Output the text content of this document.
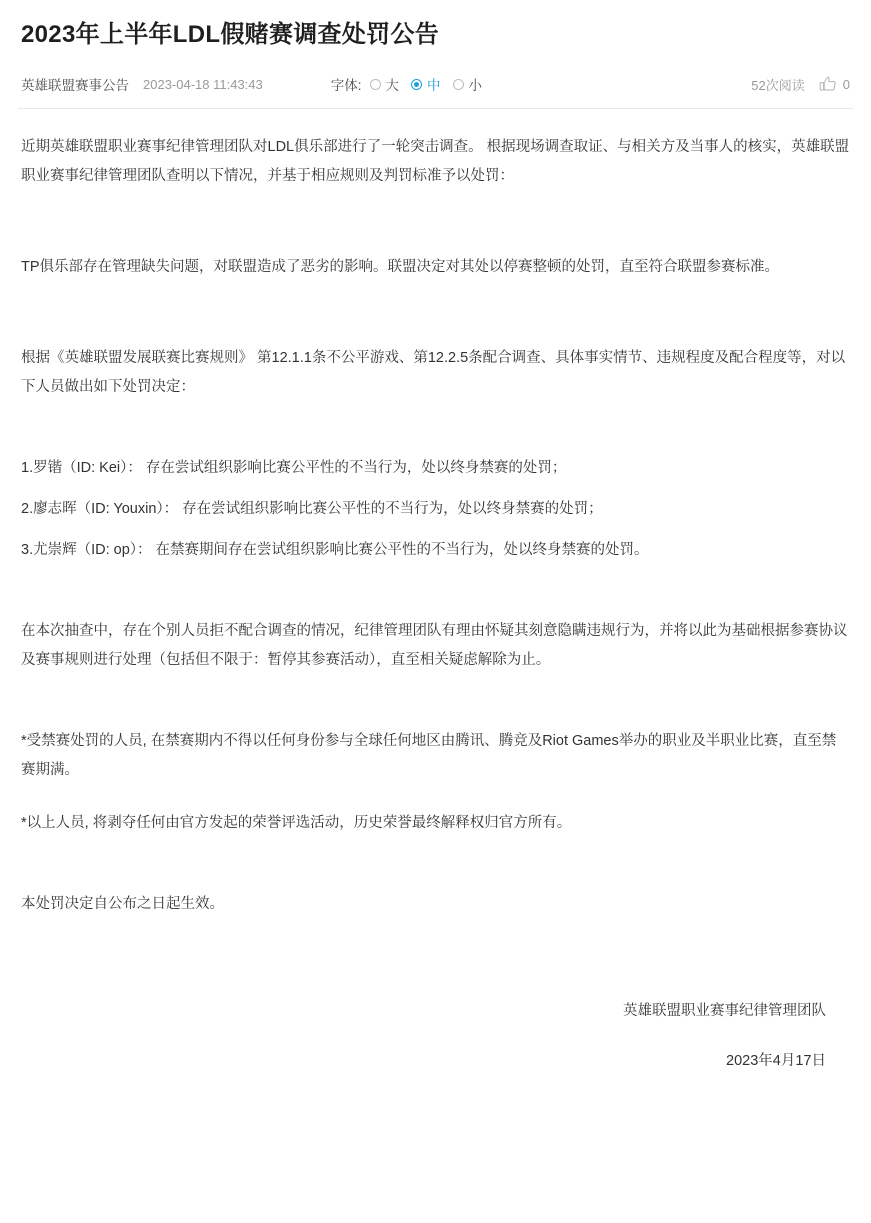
2023年上半年LDL假赌赛调查处罚公告
英雄联盟赛事公告 2023-04-18 11:43:43	字体: 大 中 小	52次阅读	0

近期英雄联盟职业赛事纪律管理团队对LDL俱乐部进行了一轮突击调查。 根据现场调查取证、与相关方及当事人的核实，英雄联盟职业赛事纪律管理团队查明以下情况，并基于相应规则及判罚标准予以处罚：

TP俱乐部存在管理缺失问题，对联盟造成了恶劣的影响。联盟决定对其处以停赛整顿的处罚，直至符合联盟参赛标准。

根据《英雄联盟发展联赛比赛规则》 第12.1.1条不公平游戏、第12.2.5条配合调查、具体事实情节、违规程度及配合程度等，对以下人员做出如下处罚决定：

1.罗锴（ID: Kei）： 存在尝试组织影响比赛公平性的不当行为，处以终身禁赛的处罚；

2.廖志晖（ID: Youxin）： 存在尝试组织影响比赛公平性的不当行为，处以终身禁赛的处罚；

3.尤崇辉（ID: op）： 在禁赛期间存在尝试组织影响比赛公平性的不当行为，处以终身禁赛的处罚。

在本次抽查中，存在个别人员拒不配合调查的情况，纪律管理团队有理由怀疑其刻意隐瞒违规行为，并将以此为基础根据参赛协议及赛事规则进行处理（包括但不限于：暂停其参赛活动），直至相关疑虑解除为止。

*受禁赛处罚的人员, 在禁赛期内不得以任何身份参与全球任何地区由腾讯、腾竞及Riot Games举办的职业及半职业比赛，直至禁赛期满。

*以上人员, 将剥夺任何由官方发起的荣誉评选活动，历史荣誉最终解释权归官方所有。

本处罚决定自公布之日起生效。

英雄联盟职业赛事纪律管理团队

2023年4月17日
